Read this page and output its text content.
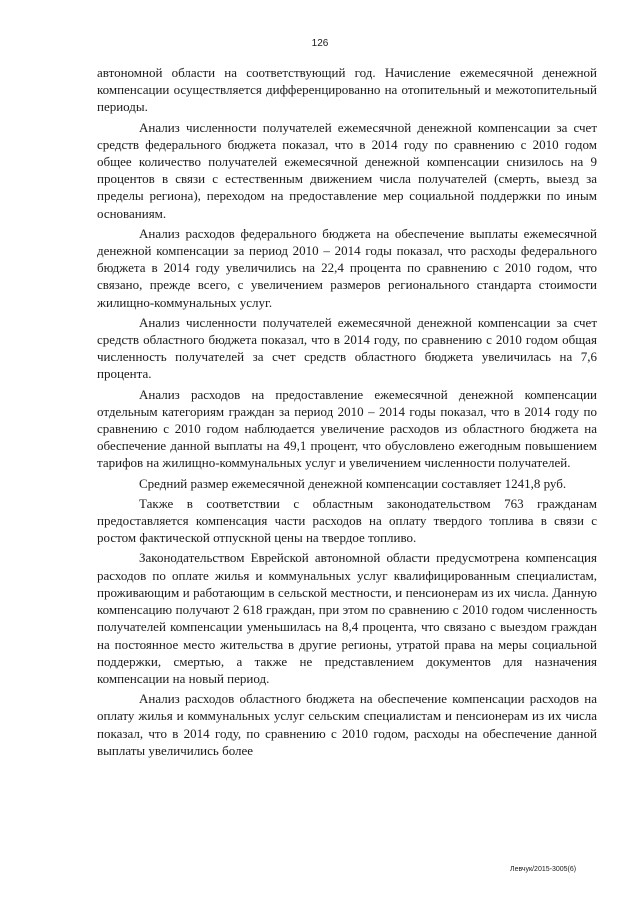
126

автономной области на соответствующий год. Начисление ежемесячной денежной компенсации осуществляется дифференцированно на отопительный и межотопительный периоды.

Анализ численности получателей ежемесячной денежной компенсации за счет средств федерального бюджета показал, что в 2014 году по сравнению с 2010 годом общее количество получателей ежемесячной денежной компенсации снизилось на 9 процентов в связи с естественным движением числа получателей (смерть, выезд за пределы региона), переходом на предоставление мер социальной поддержки по иным основаниям.

Анализ расходов федерального бюджета на обеспечение выплаты ежемесячной денежной компенсации за период 2010 – 2014 годы показал, что расходы федерального бюджета в 2014 году увеличились на 22,4 процента по сравнению с 2010 годом, что связано, прежде всего, с увеличением размеров регионального стандарта стоимости жилищно-коммунальных услуг.

Анализ численности получателей ежемесячной денежной компенсации за счет средств областного бюджета показал, что в 2014 году, по сравнению с 2010 годом общая численность получателей за счет средств областного бюджета увеличилась на 7,6 процента.

Анализ расходов на предоставление ежемесячной денежной компенсации отдельным категориям граждан за период 2010 – 2014 годы показал, что в 2014 году по сравнению с 2010 годом наблюдается увеличение расходов из областного бюджета на обеспечение данной выплаты на 49,1 процент, что обусловлено ежегодным повышением тарифов на жилищно-коммунальных услуг и увеличением численности получателей.

Средний размер ежемесячной денежной компенсации составляет 1241,8 руб.

Также в соответствии с областным законодательством 763 гражданам предоставляется компенсация части расходов на оплату твердого топлива в связи с ростом фактической отпускной цены на твердое топливо.

Законодательством Еврейской автономной области предусмотрена компенсация расходов по оплате жилья и коммунальных услуг квалифицированным специалистам, проживающим и работающим в сельской местности, и пенсионерам из их числа. Данную компенсацию получают 2 618 граждан, при этом по сравнению с 2010 годом численность получателей компенсации уменьшилась на 8,4 процента, что связано с выездом граждан на постоянное место жительства в другие регионы, утратой права на меры социальной поддержки, смертью, а также не представлением документов для назначения компенсации на новый период.

Анализ расходов областного бюджета на обеспечение компенсации расходов на оплату жилья и коммунальных услуг сельским специалистам и пенсионерам из их числа показал, что в 2014 году, по сравнению с 2010 годом, расходы на обеспечение данной выплаты увеличились более

Левчук/2015-3005(6)
